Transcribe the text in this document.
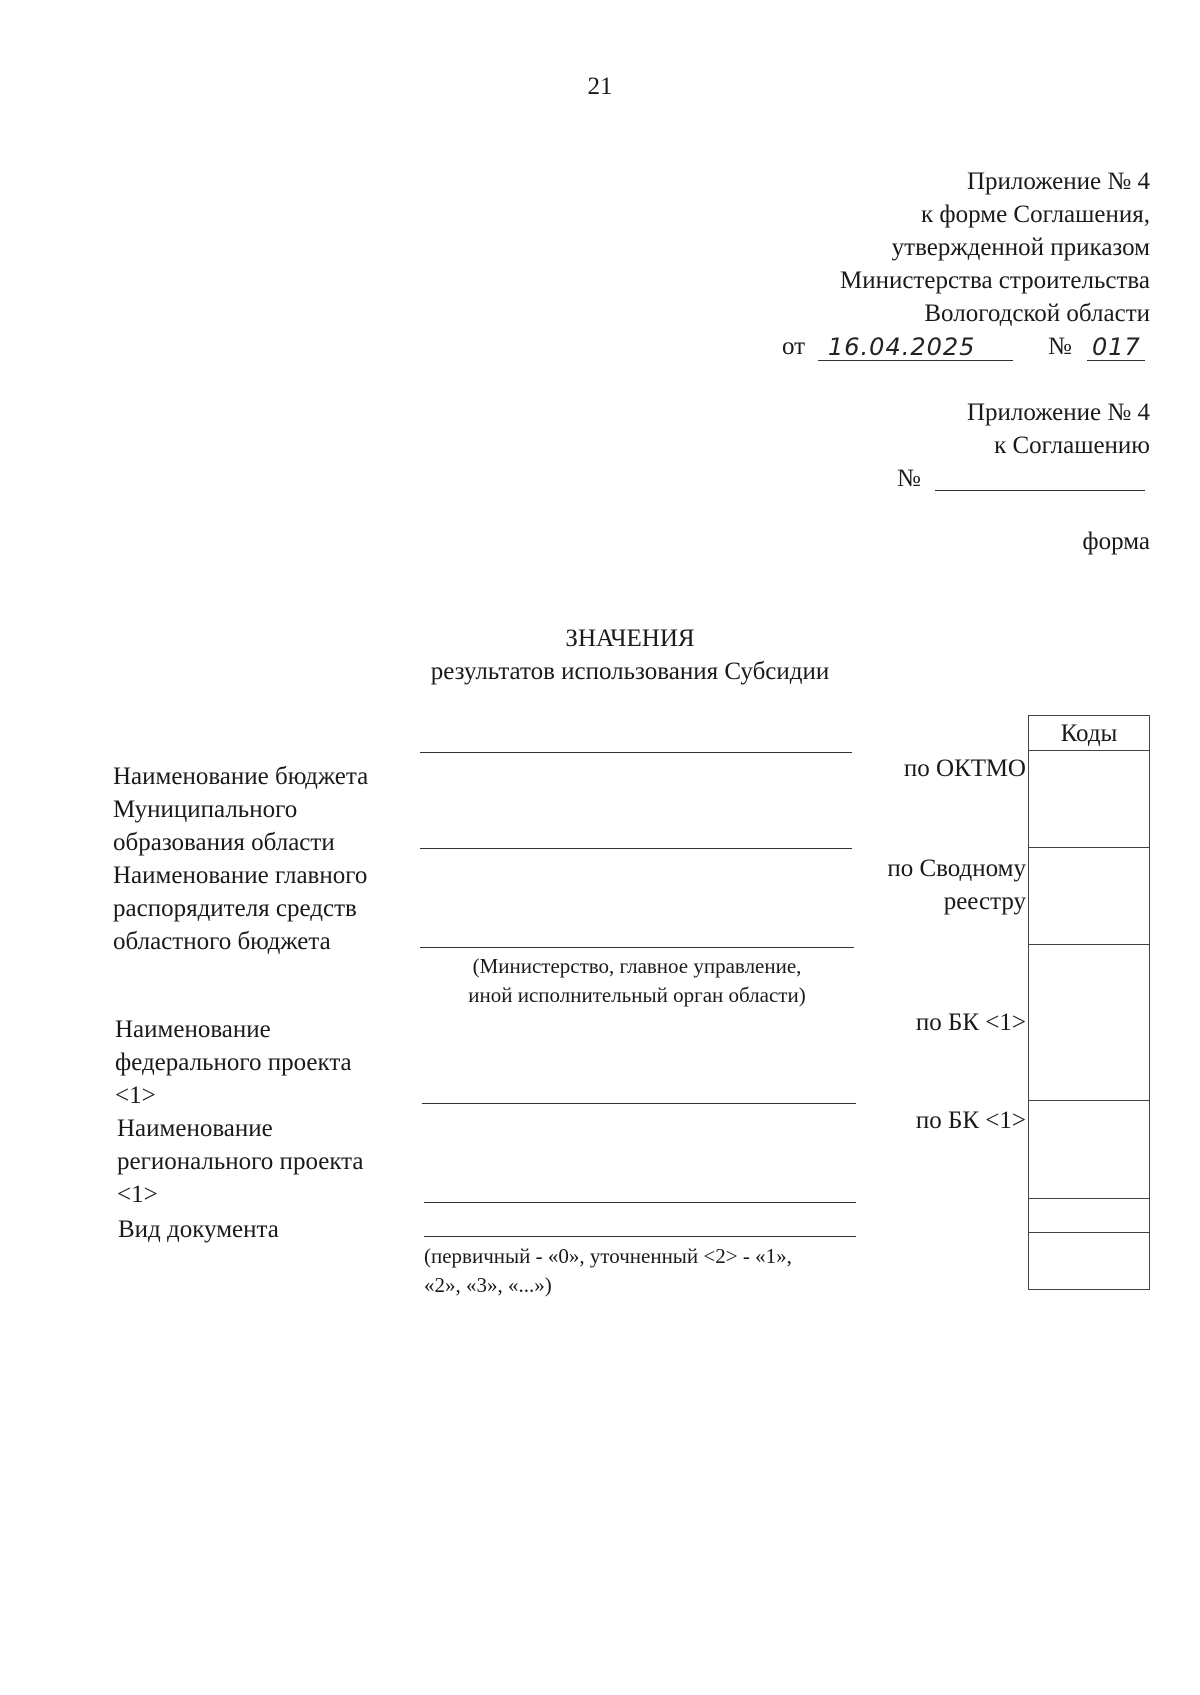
21
Приложение № 4
к форме Соглашения,
утвержденной приказом
Министерства строительства
Вологодской области
от 16.04.2025	№ 017
Приложение № 4
к Соглашению
№
форма
ЗНАЧЕНИЯ
результатов использования Субсидии
Коды
Наименование бюджета
Муниципального
образования области
Наименование главного
распорядителя средств
областного бюджета
Наименование
федерального проекта
<1>
Наименование
регионального проекта
<1>
Вид документа
(Министерство, главное управление,
иной исполнительный орган области)
(первичный - «0», уточненный <2> - «1»,
«2», «3», «...»)
по ОКТМО
по Сводному
реестру
по БК <1>
по БК <1>
